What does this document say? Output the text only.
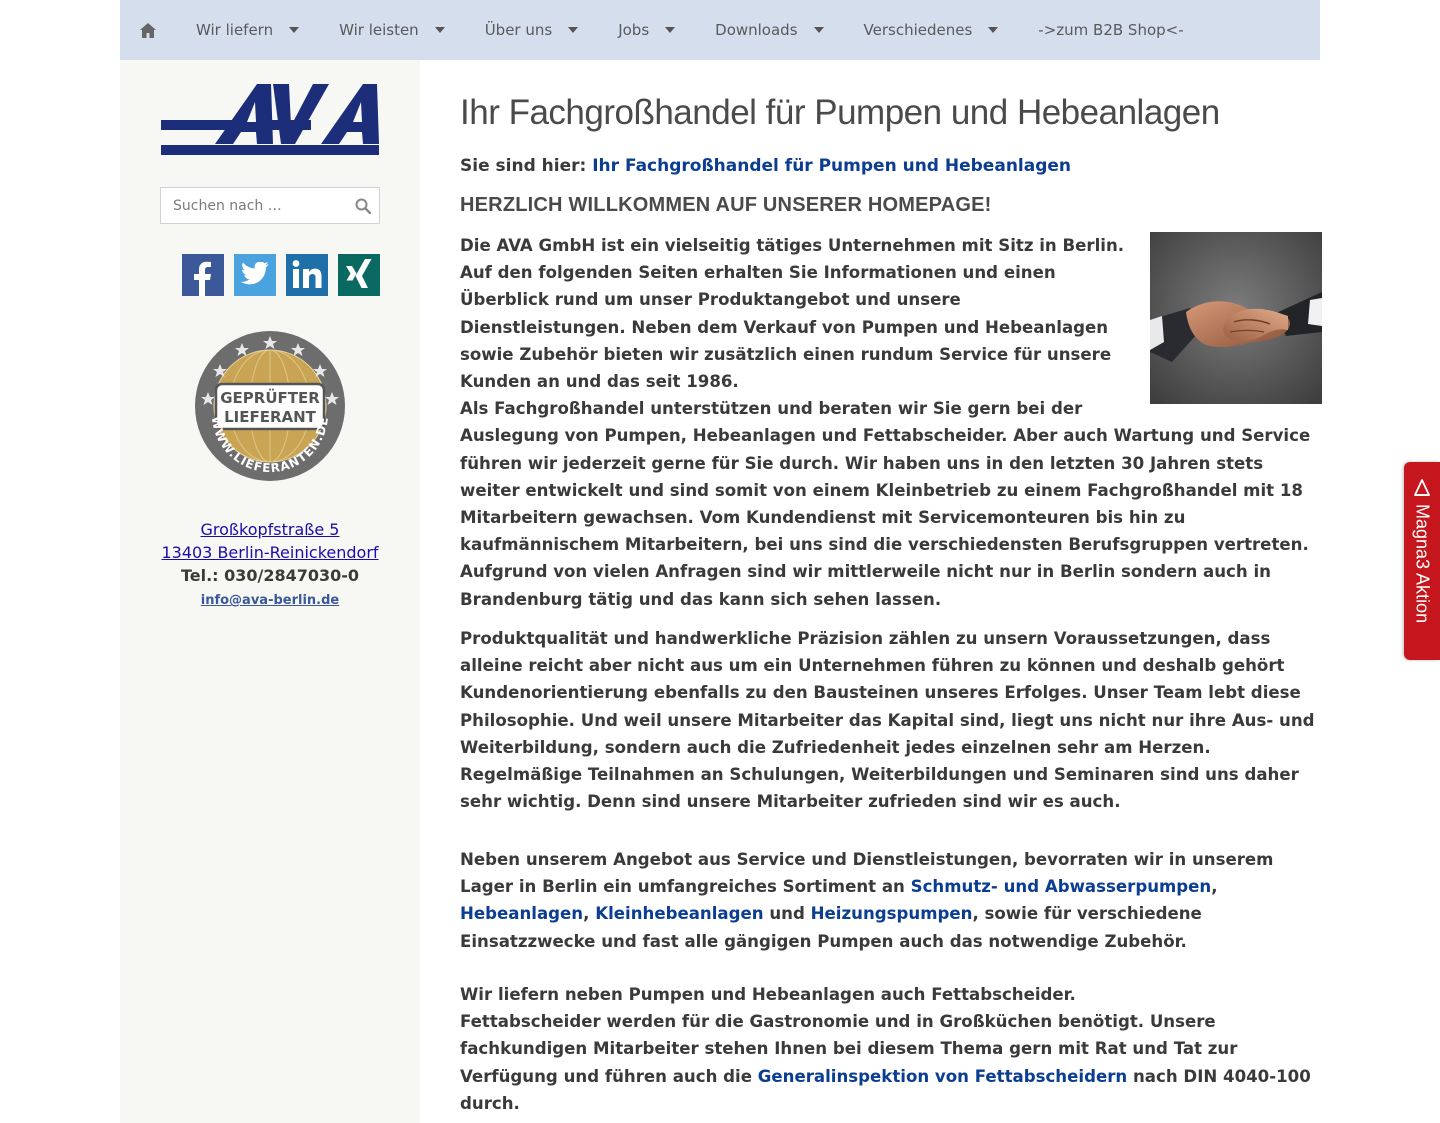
Wir liefern	Wir leisten	Über uns	Jobs	Downloads	Verschiedenes	->zum B2B Shop<-
Suchen nach …
GEPRÜFTER
LIEFERANT
WWW.LIEFERANTEN.DE
Großkopfstraße 5
13403 Berlin-Reinickendorf
Tel.: 030/2847030-0
info@ava-berlin.de
Ihr Fachgroßhandel für Pumpen und Hebeanlagen
Sie sind hier: Ihr Fachgroßhandel für Pumpen und Hebeanlagen
HERZLICH WILLKOMMEN AUF UNSERER HOMEPAGE!
Die AVA GmbH ist ein vielseitig tätiges Unternehmen mit Sitz in Berlin. Auf den folgenden Seiten erhalten Sie Informationen und einen Überblick rund um unser Produktangebot und unsere Dienstleistungen. Neben dem Verkauf von Pumpen und Hebeanlagen sowie Zubehör bieten wir zusätzlich einen rundum Service für unsere Kunden an und das seit 1986.
Als Fachgroßhandel unterstützen und beraten wir Sie gern bei der Auslegung von Pumpen, Hebeanlagen und Fettabscheider. Aber auch Wartung und Service führen wir jederzeit gerne für Sie durch. Wir haben uns in den letzten 30 Jahren stets weiter entwickelt und sind somit von einem Kleinbetrieb zu einem Fachgroßhandel mit 18 Mitarbeitern gewachsen. Vom Kundendienst mit Servicemonteuren bis hin zu kaufmännischem Mitarbeitern, bei uns sind die verschiedensten Berufsgruppen vertreten. Aufgrund von vielen Anfragen sind wir mittlerweile nicht nur in Berlin sondern auch in Brandenburg tätig und das kann sich sehen lassen.

Produktqualität und handwerkliche Präzision zählen zu unsern Voraussetzungen, dass alleine reicht aber nicht aus um ein Unternehmen führen zu können und deshalb gehört Kundenorientierung ebenfalls zu den Bausteinen unseres Erfolges. Unser Team lebt diese Philosophie. Und weil unsere Mitarbeiter das Kapital sind, liegt uns nicht nur ihre Aus- und Weiterbildung, sondern auch die Zufriedenheit jedes einzelnen sehr am Herzen. Regelmäßige Teilnahmen an Schulungen, Weiterbildungen und Seminaren sind uns daher sehr wichtig. Denn sind unsere Mitarbeiter zufrieden sind wir es auch.

Neben unserem Angebot aus Service und Dienstleistungen, bevorraten wir in unserem Lager in Berlin ein umfangreiches Sortiment an Schmutz- und Abwasserpumpen, Hebeanlagen, Kleinhebeanlagen und Heizungspumpen, sowie für verschiedene Einsatzzwecke und fast alle gängigen Pumpen auch das notwendige Zubehör.

Wir liefern neben Pumpen und Hebeanlagen auch Fettabscheider.
Fettabscheider werden für die Gastronomie und in Großküchen benötigt. Unsere fachkundigen Mitarbeiter stehen Ihnen bei diesem Thema gern mit Rat und Tat zur Verfügung und führen auch die Generalinspektion von Fettabscheidern nach DIN 4040-100 durch.

Magna3 Aktion
